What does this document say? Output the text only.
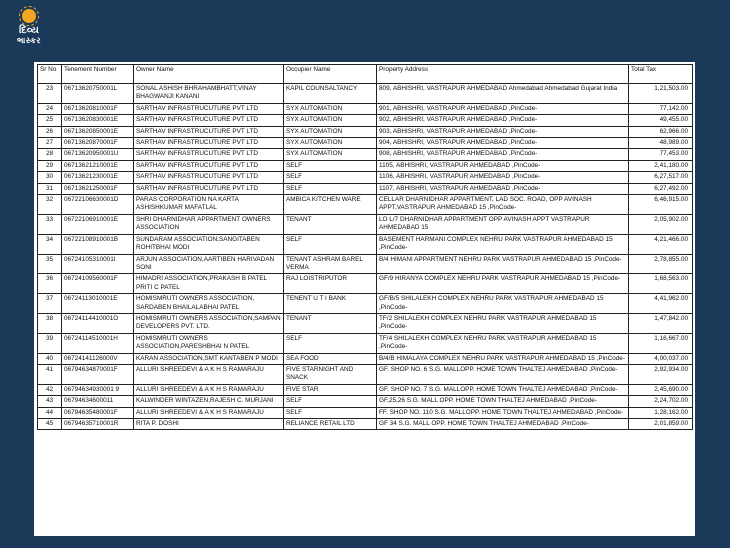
દિવ્ય
ભાસ્કર
Sr No	Tenement Number	Owner Name	Occupier Name	Property Address	Total Tax
23	06713620750001L	SONAL ASHISH BHRAHAMBHATT,VINAY BHAGWANJI KANANI	KAPIL COUNSALTANCY	809, ABHISHRI, VASTRAPUR AHMEDABAD Ahmedabad Ahmedabad Gujarat India	1,21,503.00
24	06713620810001F	SARTHAV INFRASTRUCUTURE PVT LTD	SYX AUTOMATION	901, ABHISHRI, VASTRAPUR AHMEDABAD ,PinCode-	77,142.00
25	06713620830001E	SARTHAV INFRASTRUCUTURE PVT LTD	SYX AUTOMATION	902, ABHISHRI, VASTRAPUR AHMEDABAD ,PinCode-	49,455.00
26	06713620850001E	SARTHAV INFRASTRUCUTURE PVT LTD	SYX AUTOMATION	903, ABHISHRI, VASTRAPUR AHMEDABAD ,PinCode-	62,966.00
27	06713620870001F	SARTHAV INFRASTRUCUTURE PVT LTD	SYX AUTOMATION	904, ABHISHRI, VASTRAPUR AHMEDABAD ,PinCode-	48,989.00
28	06713620950001U	SARTHAV INFRASTRUCUTURE PVT LTD	SYX AUTOMATION	908, ABHISHRI, VASTRAPUR AHMEDABAD ,PinCode-	77,453.00
29	06713621210001E	SARTHAV INFRASTRUCUTURE PVT LTD	SELF	1105, ABHISHRI, VASTRAPUR AHMEDABAD ,PinCode-	2,41,180.00
30	06713621230001E	SARTHAV INFRASTRUCUTURE PVT LTD	SELF	1106, ABHISHRI, VASTRAPUR AHMEDABAD ,PinCode-	6,27,517.00
31	06713621250001F	SARTHAV INFRASTRUCUTURE PVT LTD	SELF	1107, ABHISHRI, VASTRAPUR AHMEDABAD ,PinCode-	6,27,492.00
32	06722106630001D	PARAS CORPORATION NA KARTA ASHISHKUMAR MAFATLAL	AMBICA KITCHEN WARE	CELLAR DHARNIDHAR APPARTMENT, LAD SOC. ROAD, OPP AVINASH APPT,VASTRAPUR AHMEDABAD 15 ,PinCode-	6,46,915.00
33	06722106910001E	SHRI DHARNIDHAR APPARTMENT OWNERS ASSOCIATION	TENANT	LO L/7 DHARNIDHAR APPARTMENT OPP AVINASH APPT VASTRAPUR AHMEDABAD 15	2,05,902.00
34	06722108910001B	SUNDARAM ASSOCIATION,SANGITABEN ROHITBHAI MODI	SELF	BASEMENT HARMANI COMPLEX NEHRU PARK VASTRAPUR AHMEDABAD 15 ,PinCode-	4,21,466.00
35	06724105310001I	ARJUN ASSOCIATION,AARTIBEN HARIVADAN SONI	TENANT ASHRAM BAREL VERMA	B/4 HIMANI APPARTMENT NEHRU PARK VASTRAPUR AHMEDABAD 15 ,PinCode-	2,78,855.00
36	06724109560001F	HIMADRI ASSOCIATION,PRAKASH B PATEL PRITI C PATEL	RAJ LOISTRIPUTOR	GF/9 HIRANYA COMPLEX NEHRU PARK VASTRAPUR AHMEDABAD 15 ,PinCode-	1,68,563.00
37	06724113010001E	HOMISMRUTI OWNERS ASSOCIATION, SARDABEN BHAILALABHAI PATEL	TENENT U T I BANK	GF/B/5 SHILALEKH COMPLEX NEHRU PARK VASTRAPUR AHMEDABAD 15 ,PinCode-	4,41,962.00
38	06724114410001O	HOMISMRUTI OWNERS ASSOCIATION,SAMPAN DEVELOPERS PVT. LTD.	TENANT	TF/2 SHILALEKH COMPLEX NEHRU PARK VASTRAPUR AHMEDABAD 15 ,PinCode-	1,47,842.00
39	06724114510001H	HOMISMRUTI OWNERS ASSOCIATION,PARESHBHAI N PATEL	SELF	TF/4 SHILALEKH COMPLEX NEHRU PARK VASTRAPUR AHMEDABAD 15 ,PinCode-	1,16,667.00
40	06724141126000V	KARAN ASSOCIATION,SMT KANTABEN P MODI	SEA FOOD	B/4/B HIMALAYA COMPLEX NEHRU PARK VASTRAPUR AHMEDABAD 15 ,PinCode-	4,00,037.00
41	06794634870001F	ALLURI SHREEDEVI & A K H S RAMARAJU	FIVE STARNIGHT AND SNACK	GF. SHOP NO. 6 S.G. MALLOPP. HOME TOWN THALTEJ AHMEDABAD ,PinCode-	2,92,934.00
42	06794634930001 9	ALLURI SHREEDEVI & A K H S RAMARAJU	FIVE STAR	GF. SHOP NO. 7 S.G. MALLOPP. HOME TOWN THALTEJ AHMEDABAD ,PinCode-	2,45,690.00
43	06794634600011	KALWINDER WINTAZEN,RAJESH C. MURJANI	SELF	GF,25,26 S.G. MALL OPP. HOME TOWN THALTEJ AHMEDABAD ,PinCode-	2,24,702.00
44	06794635480001F	ALLURI SHREEDEVI & A K H S RAMARAJU	SELF	FF. SHOP NO. 110 S.G. MALLOPP. HOME TOWN THALTEJ AHMEDABAD ,PinCode-	1,28,162.00
45	06794635710001R	RITA P. DOSHI	RELIANCE RETAIL LTD	GF 34 S.G. MALL OPP. HOME TOWN THALTEJ AHMEDABAD ,PinCode-	2,01,859.00
